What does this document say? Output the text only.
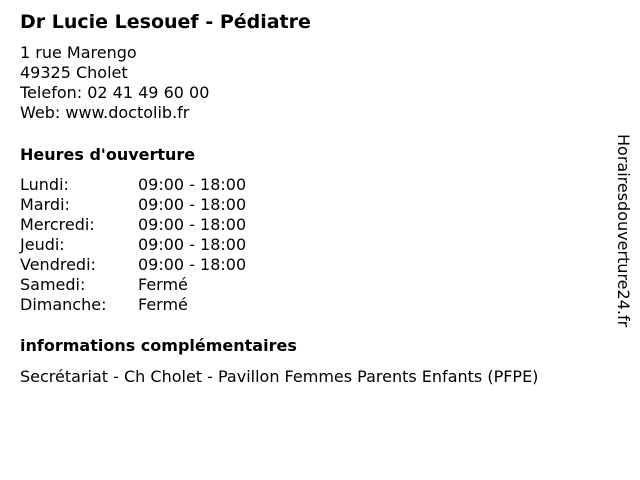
Dr Lucie Lesouef - Pédiatre
1 rue Marengo
49325 Cholet
Telefon: 02 41 49 60 00
Web: www.doctolib.fr
Heures d'ouverture
Lundi:	09:00 - 18:00
Mardi:	09:00 - 18:00
Mercredi:	09:00 - 18:00
Jeudi:	09:00 - 18:00
Vendredi:	09:00 - 18:00
Samedi:	Fermé
Dimanche:	Fermé
informations complémentaires
Secrétariat - Ch Cholet - Pavillon Femmes Parents Enfants (PFPE)
Horairesdouverture24.fr
